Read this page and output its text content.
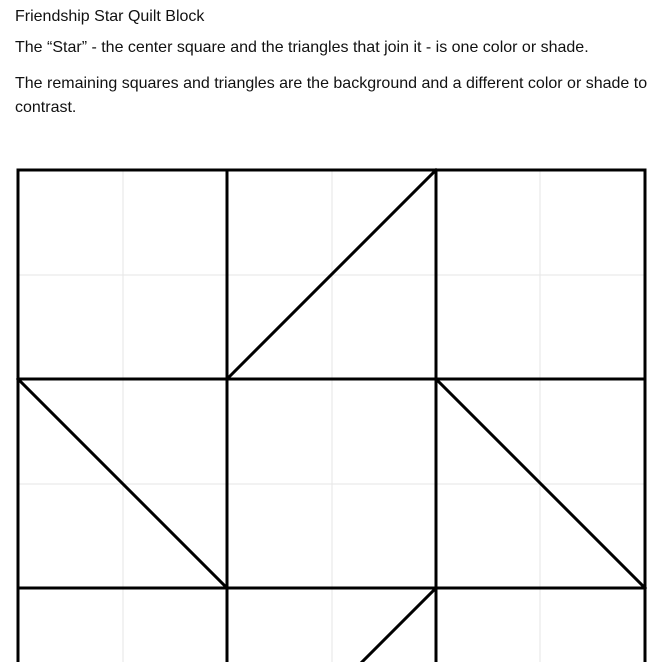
Friendship Star Quilt Block

The “Star” - the center square and the triangles that join it - is one color or shade.

The remaining squares and triangles are the background and a different color or shade to contrast.
